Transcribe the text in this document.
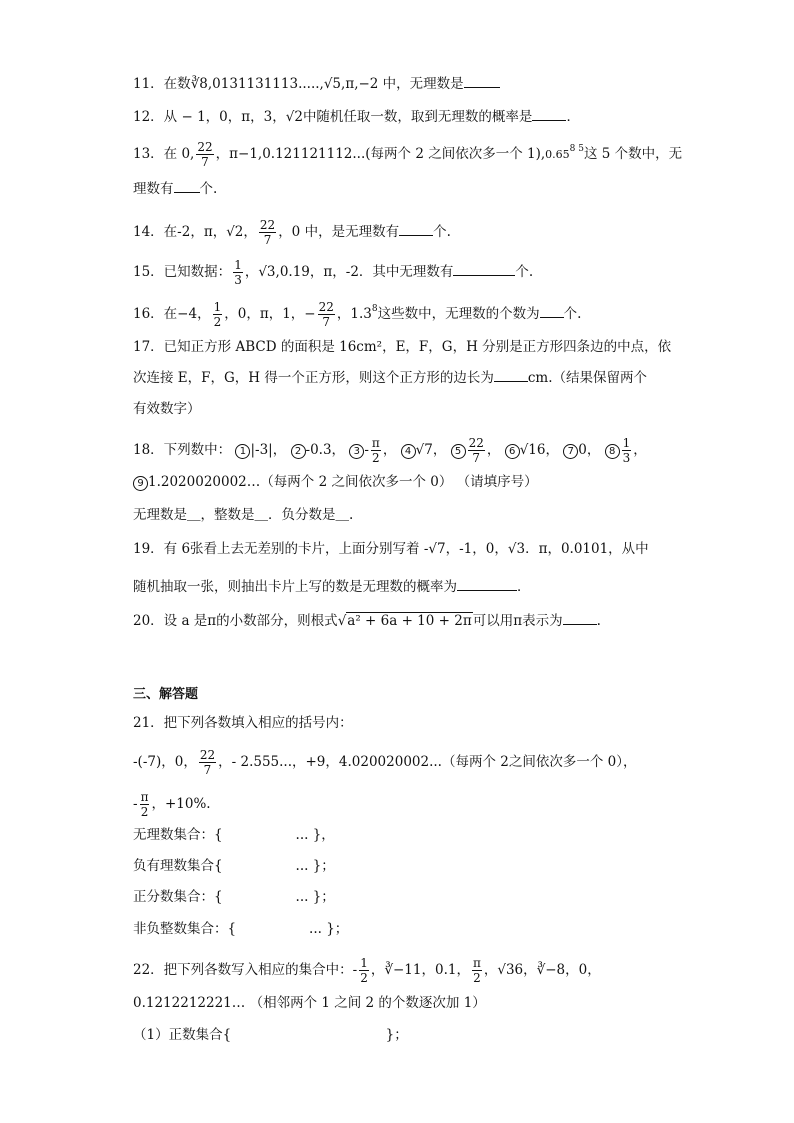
11．在数∛8,0131131113.....,√5,π,−2 中，无理数是
12．从 − 1，0，π，3，√2中随机任取一数，取到无理数的概率是	．
13．在 0, $\frac{22}{7}$ ，π−1,0.121121112...(每两个 2 之间依次多一个 $1),0.65^{8 5}$这 5 个数中，无
理数有 个.
14．在-2，π，√2， $\frac{22}{7}$ ，0 中，是无理数有	个.
15．已知数据： $\frac{1}{3}$ ，√3,0.19，π，-2．其中无理数有	个.
16．在−4， $\frac{1}{2}$ ，0，π，1，− $\frac{22}{7}$ ，$1.3^8$这些数中，无理数的个数为 个.
17．已知正方形 ABCD 的面积是 16cm²，E，F，G，H 分别是正方形四条边的中点，依
次连接 E，F，G，H 得一个正方形，则这个正方形的边长为	cm.（结果保留两个
有效数字）
18．下列数中： 1 |-3|， 2 -0.3， $3 - \frac{\pi}{2}$ ， 4 √7， $5 \frac{22}{7}$ ， 6 √16， 7 0， $8 \frac{1}{3}$ ，
9 1.2020020002…（每两个 2 之间依次多一个 0） （请填序号）
无理数是＿，整数是＿．负分数是＿.
19．有 6张看上去无差别的卡片，上面分别写着 -√7，-1，0，√3．π，0.0101，从中
随机抽取一张，则抽出卡片上写的数是无理数的概率为	．
20．设 a 是π的小数部分，则根式√a² + 6a + 10 + 2π可以用π表示为	.
三、解答题
21．把下列各数填入相应的括号内：
-(-7)，0， $\frac{22}{7}$ ，- 2.555...，+9，4.020020002...（每两个 2之间依次多一个 0），
- $\frac{\pi}{2}$ ，+10%.
无理数集合：{                 ... }，
负有理数集合{                 ... }；
正分数集合：{                 ... }；
非负整数集合：{                 ... }；
22．把下列各数写入相应的集合中：- $\frac{1}{2}$ ，∛−11，0.1， $\frac{\pi}{2}$ ，√36，∛−8，0，
0.1212212221… （相邻两个 1 之间 2 的个数逐次加 1）
（1）正数集合{                                    }；
